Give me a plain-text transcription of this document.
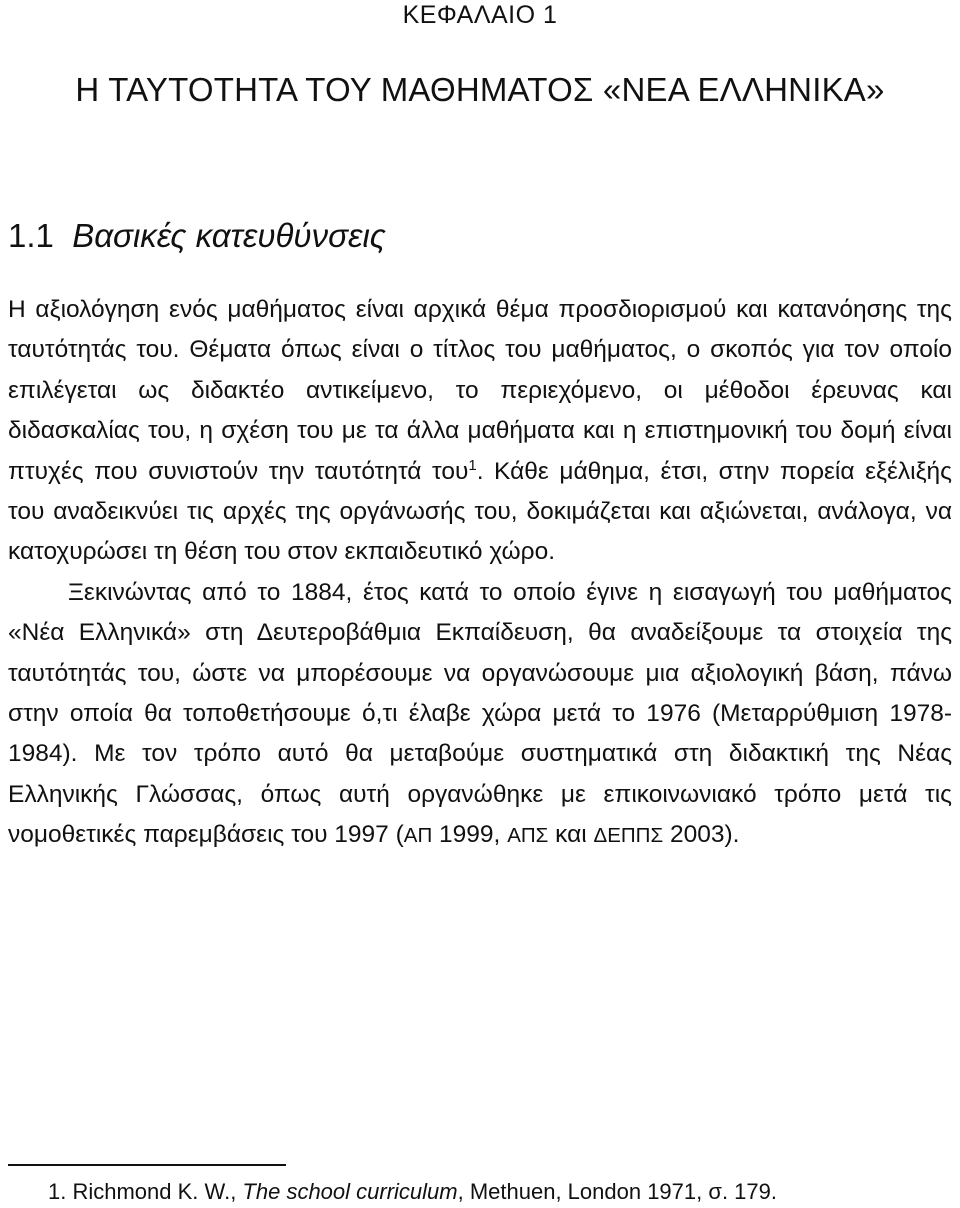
ΚΕΦΑΛΑΙΟ 1
Η ΤΑΥΤΟΤΗΤΑ ΤΟΥ ΜΑΘΗΜΑΤΟΣ «ΝΕΑ ΕΛΛΗΝΙΚΑ»
1.1 Βασικές κατευθύνσεις

Η αξιολόγηση ενός μαθήματος είναι αρχικά θέμα προσδιορισμού και κατανόησης της ταυτότητάς του. Θέματα όπως είναι ο τίτλος του μαθήματος, ο σκοπός για τον οποίο επιλέγεται ως διδακτέο αντικείμενο, το περιεχόμενο, οι μέθοδοι έρευνας και διδασκαλίας του, η σχέση του με τα άλλα μαθήματα και η επιστημονική του δομή είναι πτυχές που συνιστούν την ταυτότητά του$^1$. Κάθε μάθημα, έτσι, στην πορεία εξέλιξής του αναδεικνύει τις αρχές της οργάνωσής του, δοκιμάζεται και αξιώνεται, ανάλογα, να κατοχυρώσει τη θέση του στον εκπαιδευτικό χώρο.

Ξεκινώντας από το 1884, έτος κατά το οποίο έγινε η εισαγωγή του μαθήματος «Νέα Ελληνικά» στη Δευτεροβάθμια Εκπαίδευση, θα αναδείξουμε τα στοιχεία της ταυτότητάς του, ώστε να μπορέσουμε να οργανώσουμε μια αξιολογική βάση, πάνω στην οποία θα τοποθετήσουμε ό,τι έλαβε χώρα μετά το 1976 (Μεταρρύθμιση 1978-1984). Με τον τρόπο αυτό θα μεταβούμε συστηματικά στη διδακτική της Νέας Ελληνικής Γλώσσας, όπως αυτή οργανώθηκε με επικοινωνιακό τρόπο μετά τις νομοθετικές παρεμβάσεις του 1997 (ΑΠ 1999, ΑΠΣ και ΔΕΠΠΣ 2003).

1. Richmond K. W., The school curriculum, Methuen, London 1971, σ. 179.
